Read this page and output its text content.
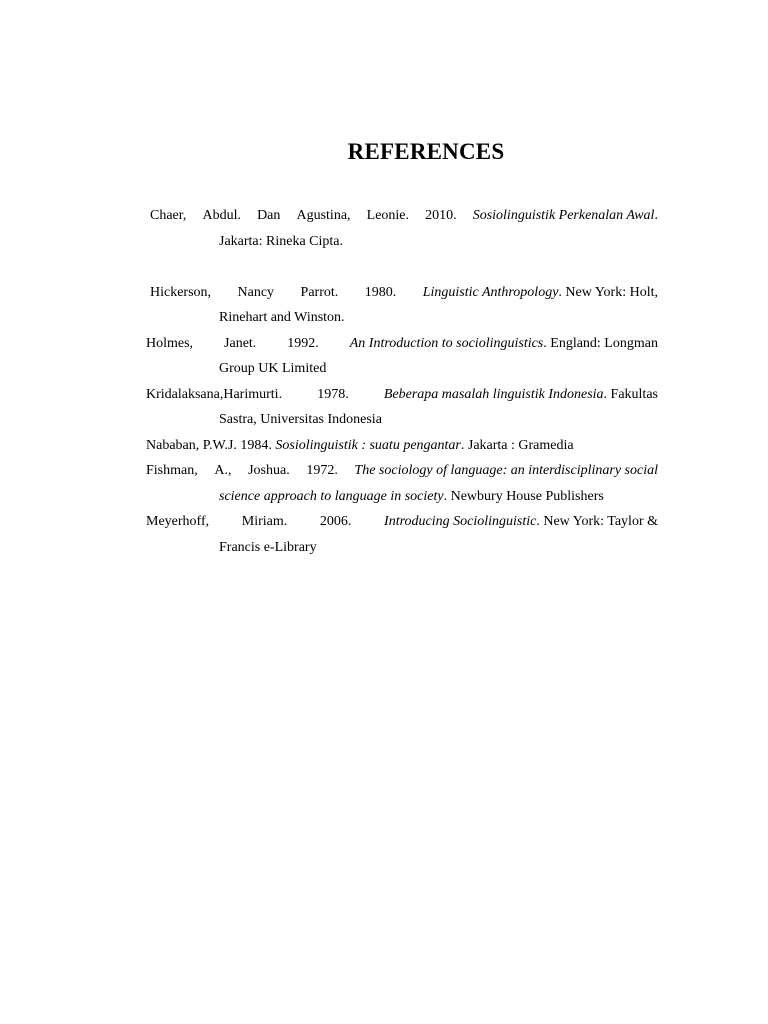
REFERENCES
Chaer, Abdul. Dan Agustina, Leonie. 2010. Sosiolinguistik Perkenalan Awal.
Jakarta: Rineka Cipta.
Hickerson, Nancy Parrot. 1980. Linguistic Anthropology. New York: Holt,
Rinehart and Winston.
Holmes, Janet. 1992. An Introduction to sociolinguistics. England: Longman
Group UK Limited
Kridalaksana,Harimurti.	1978.	Beberapa masalah linguistik Indonesia. Fakultas
Sastra, Universitas Indonesia
Nababan, P.W.J. 1984. Sosiolinguistik : suatu pengantar. Jakarta : Gramedia
Fishman, A., Joshua. 1972. The sociology of language: an interdisciplinary social
science approach to language in society. Newbury House Publishers
Meyerhoff, Miriam. 2006. Introducing Sociolinguistic. New York: Taylor &
Francis e-Library
